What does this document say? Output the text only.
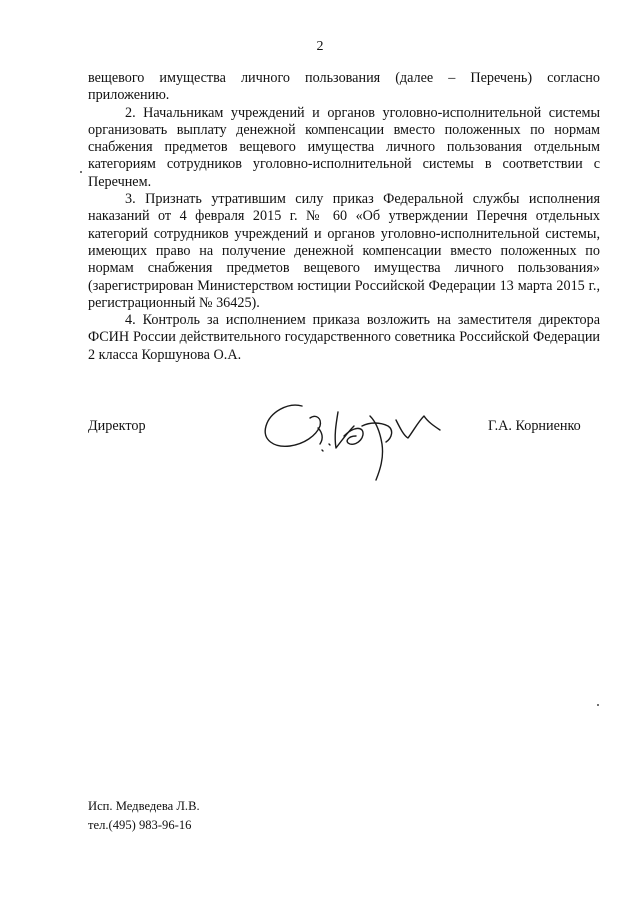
2

вещевого имущества личного пользования (далее – Перечень) согласно приложению.

2. Начальникам учреждений и органов уголовно-исполнительной системы организовать выплату денежной компенсации вместо положенных по нормам снабжения предметов вещевого имущества личного пользования отдельным категориям сотрудников уголовно-исполнительной системы в соответствии с Перечнем.

3. Признать утратившим силу приказ Федеральной службы исполнения наказаний от 4 февраля 2015 г. № 60 «Об утверждении Перечня отдельных категорий сотрудников учреждений и органов уголовно-исполнительной системы, имеющих право на получение денежной компенсации вместо положенных по нормам снабжения предметов вещевого имущества личного пользования» (зарегистрирован Министерством юстиции Российской Федерации 13 марта 2015 г., регистрационный № 36425).

4. Контроль за исполнением приказа возложить на заместителя директора ФСИН России действительного государственного советника Российской Федерации 2 класса Коршунова О.А.

Директор	Г.А. Корниенко
Исп. Медведева Л.В.
тел.(495) 983-96-16
